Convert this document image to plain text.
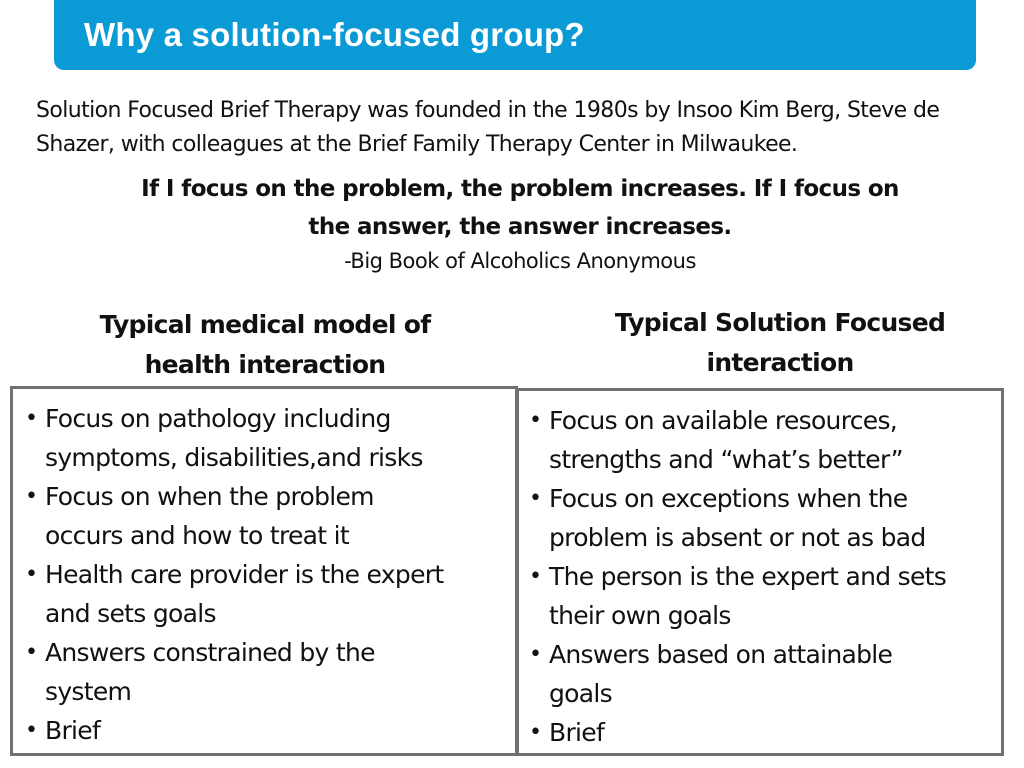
Why a solution-focused group?
Solution Focused Brief Therapy was founded in the 1980s by Insoo Kim Berg, Steve de Shazer, with colleagues at the Brief Family Therapy Center in Milwaukee.
If I focus on the problem, the problem increases. If I focus on
the answer, the answer increases.
-Big Book of Alcoholics Anonymous
Typical medical model of
health interaction
Typical Solution Focused
interaction
• Focus on pathology including
symptoms, disabilities,and risks
• Focus on when the problem
occurs and how to treat it
• Health care provider is the expert
and sets goals
• Answers constrained by the
system
• Brief
• Focus on available resources,
strengths and “what’s better”
• Focus on exceptions when the
problem is absent or not as bad
• The person is the expert and sets
their own goals
• Answers based on attainable
goals
• Brief
